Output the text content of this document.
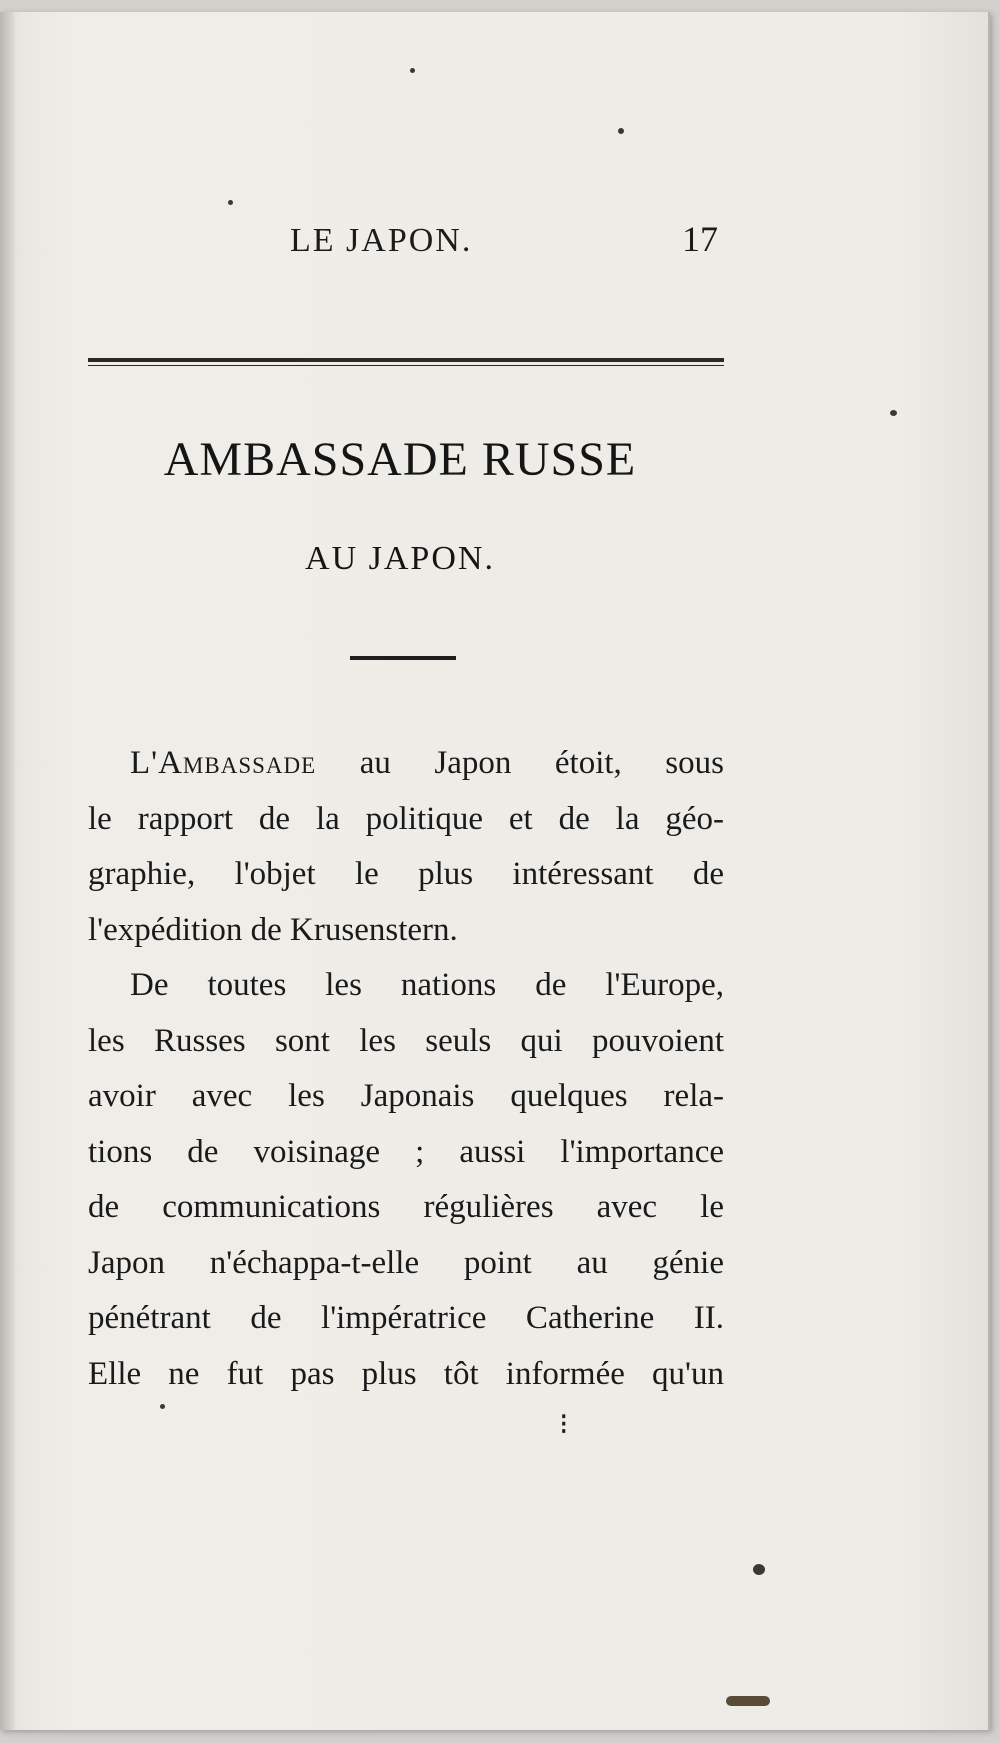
LE JAPON.	17
AMBASSADE RUSSE
AU JAPON.
L'Ambassade au Japon étoit, sous
le rapport de la politique et de la géo-
graphie, l'objet le plus intéressant de
l'expédition de Krusenstern.
De toutes les nations de l'Europe,
les Russes sont les seuls qui pouvoient
avoir avec les Japonais quelques rela-
tions de voisinage ; aussi l'importance
de communications régulières avec le
Japon n'échappa-t-elle point au génie
pénétrant de l'impératrice Catherine II.
Elle ne fut pas plus tôt informée qu'un
⁝
